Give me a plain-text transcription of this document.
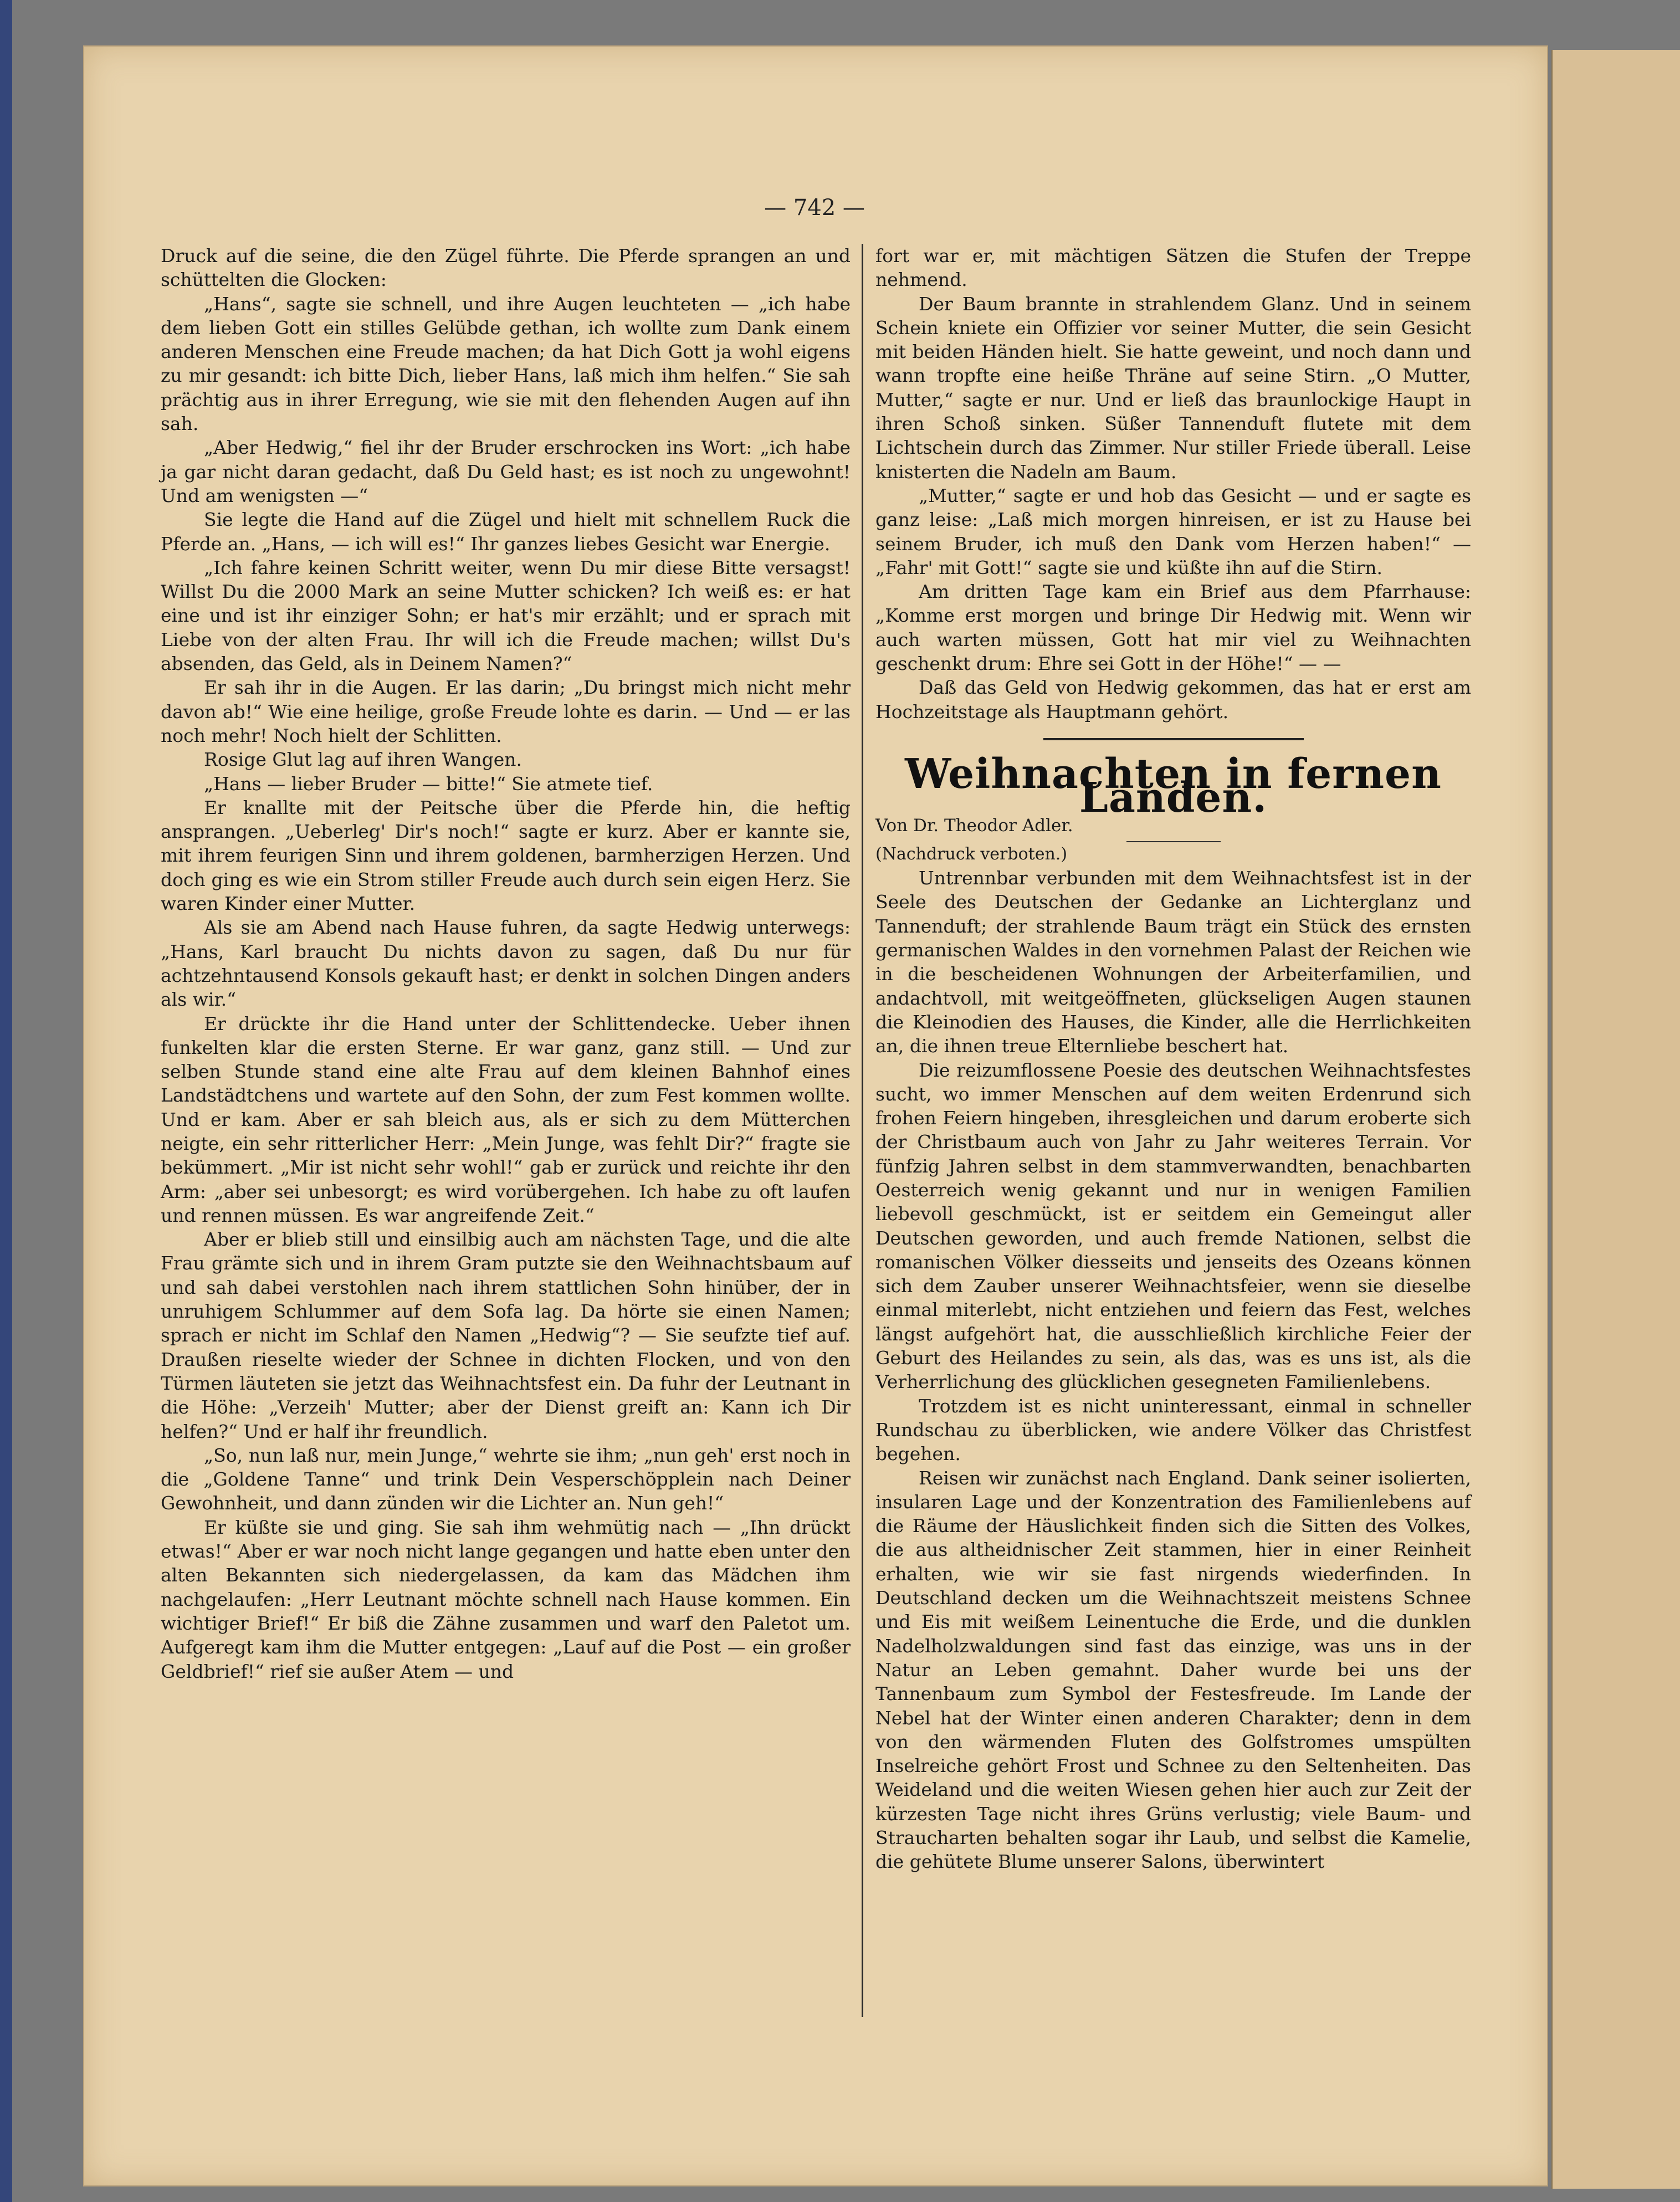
— 742 —

Druck auf die seine, die den Zügel führte. Die Pferde sprangen an und schüttelten die Glocken:

„Hans“, sagte sie schnell, und ihre Augen leuchteten — „ich habe dem lieben Gott ein stilles Gelübde gethan, ich wollte zum Dank einem anderen Menschen eine Freude machen; da hat Dich Gott ja wohl eigens zu mir gesandt: ich bitte Dich, lieber Hans, laß mich ihm helfen.“ Sie sah prächtig aus in ihrer Erregung, wie sie mit den flehenden Augen auf ihn sah.

„Aber Hedwig,“ fiel ihr der Bruder erschrocken ins Wort: „ich habe ja gar nicht daran gedacht, daß Du Geld hast; es ist noch zu ungewohnt! Und am wenigsten —“

Sie legte die Hand auf die Zügel und hielt mit schnellem Ruck die Pferde an. „Hans, — ich will es!“ Ihr ganzes liebes Gesicht war Energie.

„Ich fahre keinen Schritt weiter, wenn Du mir diese Bitte versagst! Willst Du die 2000 Mark an seine Mutter schicken? Ich weiß es: er hat eine und ist ihr einziger Sohn; er hat's mir erzählt; und er sprach mit Liebe von der alten Frau. Ihr will ich die Freude machen; willst Du's absenden, das Geld, als in Deinem Namen?“

Er sah ihr in die Augen. Er las darin; „Du bringst mich nicht mehr davon ab!“ Wie eine heilige, große Freude lohte es darin. — Und — er las noch mehr! Noch hielt der Schlitten.

Rosige Glut lag auf ihren Wangen.

„Hans — lieber Bruder — bitte!“ Sie atmete tief.

Er knallte mit der Peitsche über die Pferde hin, die heftig ansprangen. „Ueberleg' Dir's noch!“ sagte er kurz. Aber er kannte sie, mit ihrem feurigen Sinn und ihrem goldenen, barmherzigen Herzen. Und doch ging es wie ein Strom stiller Freude auch durch sein eigen Herz. Sie waren Kinder einer Mutter.

Als sie am Abend nach Hause fuhren, da sagte Hedwig unterwegs: „Hans, Karl braucht Du nichts davon zu sagen, daß Du nur für achtzehntausend Konsols gekauft hast; er denkt in solchen Dingen anders als wir.“

Er drückte ihr die Hand unter der Schlittendecke. Ueber ihnen funkelten klar die ersten Sterne. Er war ganz, ganz still. — Und zur selben Stunde stand eine alte Frau auf dem kleinen Bahnhof eines Landstädtchens und wartete auf den Sohn, der zum Fest kommen wollte. Und er kam. Aber er sah bleich aus, als er sich zu dem Mütterchen neigte, ein sehr ritterlicher Herr: „Mein Junge, was fehlt Dir?“ fragte sie bekümmert. „Mir ist nicht sehr wohl!“ gab er zurück und reichte ihr den Arm: „aber sei unbesorgt; es wird vorübergehen. Ich habe zu oft laufen und rennen müssen. Es war angreifende Zeit.“

Aber er blieb still und einsilbig auch am nächsten Tage, und die alte Frau grämte sich und in ihrem Gram putzte sie den Weihnachtsbaum auf und sah dabei verstohlen nach ihrem stattlichen Sohn hinüber, der in unruhigem Schlummer auf dem Sofa lag. Da hörte sie einen Namen; sprach er nicht im Schlaf den Namen „Hedwig“? — Sie seufzte tief auf. Draußen rieselte wieder der Schnee in dichten Flocken, und von den Türmen läuteten sie jetzt das Weihnachtsfest ein. Da fuhr der Leutnant in die Höhe: „Verzeih' Mutter; aber der Dienst greift an: Kann ich Dir helfen?“ Und er half ihr freundlich.

„So, nun laß nur, mein Junge,“ wehrte sie ihm; „nun geh' erst noch in die „Goldene Tanne“ und trink Dein Vesperschöpplein nach Deiner Gewohnheit, und dann zünden wir die Lichter an. Nun geh!“

Er küßte sie und ging. Sie sah ihm wehmütig nach — „Ihn drückt etwas!“ Aber er war noch nicht lange gegangen und hatte eben unter den alten Bekannten sich niedergelassen, da kam das Mädchen ihm nachgelaufen: „Herr Leutnant möchte schnell nach Hause kommen. Ein wichtiger Brief!“ Er biß die Zähne zusammen und warf den Paletot um. Aufgeregt kam ihm die Mutter entgegen: „Lauf auf die Post — ein großer Geldbrief!“ rief sie außer Atem — und

fort war er, mit mächtigen Sätzen die Stufen der Treppe nehmend.

Der Baum brannte in strahlendem Glanz. Und in seinem Schein kniete ein Offizier vor seiner Mutter, die sein Gesicht mit beiden Händen hielt. Sie hatte geweint, und noch dann und wann tropfte eine heiße Thräne auf seine Stirn. „O Mutter, Mutter,“ sagte er nur. Und er ließ das braunlockige Haupt in ihren Schoß sinken. Süßer Tannenduft flutete mit dem Lichtschein durch das Zimmer. Nur stiller Friede überall. Leise knisterten die Nadeln am Baum.

„Mutter,“ sagte er und hob das Gesicht — und er sagte es ganz leise: „Laß mich morgen hinreisen, er ist zu Hause bei seinem Bruder, ich muß den Dank vom Herzen haben!“ — „Fahr' mit Gott!“ sagte sie und küßte ihn auf die Stirn.

Am dritten Tage kam ein Brief aus dem Pfarrhause: „Komme erst morgen und bringe Dir Hedwig mit. Wenn wir auch warten müssen, Gott hat mir viel zu Weihnachten geschenkt drum: Ehre sei Gott in der Höhe!“ — —

Daß das Geld von Hedwig gekommen, das hat er erst am Hochzeitstage als Hauptmann gehört.

Weihnachten in fernen Landen.

Von Dr. Theodor Adler.

(Nachdruck verboten.)

Untrennbar verbunden mit dem Weihnachtsfest ist in der Seele des Deutschen der Gedanke an Lichterglanz und Tannenduft; der strahlende Baum trägt ein Stück des ernsten germanischen Waldes in den vornehmen Palast der Reichen wie in die bescheidenen Wohnungen der Arbeiterfamilien, und andachtvoll, mit weitgeöffneten, glückseligen Augen staunen die Kleinodien des Hauses, die Kinder, alle die Herrlichkeiten an, die ihnen treue Elternliebe beschert hat.

Die reizumflossene Poesie des deutschen Weihnachtsfestes sucht, wo immer Menschen auf dem weiten Erdenrund sich frohen Feiern hingeben, ihresgleichen und darum eroberte sich der Christbaum auch von Jahr zu Jahr weiteres Terrain. Vor fünfzig Jahren selbst in dem stammverwandten, benachbarten Oesterreich wenig gekannt und nur in wenigen Familien liebevoll geschmückt, ist er seitdem ein Gemeingut aller Deutschen geworden, und auch fremde Nationen, selbst die romanischen Völker diesseits und jenseits des Ozeans können sich dem Zauber unserer Weihnachtsfeier, wenn sie dieselbe einmal miterlebt, nicht entziehen und feiern das Fest, welches längst aufgehört hat, die ausschließlich kirchliche Feier der Geburt des Heilandes zu sein, als das, was es uns ist, als die Verherrlichung des glücklichen gesegneten Familienlebens.

Trotzdem ist es nicht uninteressant, einmal in schneller Rundschau zu überblicken, wie andere Völker das Christfest begehen.

Reisen wir zunächst nach England. Dank seiner isolierten, insularen Lage und der Konzentration des Familienlebens auf die Räume der Häuslichkeit finden sich die Sitten des Volkes, die aus altheidnischer Zeit stammen, hier in einer Reinheit erhalten, wie wir sie fast nirgends wiederfinden. In Deutschland decken um die Weihnachtszeit meistens Schnee und Eis mit weißem Leinentuche die Erde, und die dunklen Nadelholzwaldungen sind fast das einzige, was uns in der Natur an Leben gemahnt. Daher wurde bei uns der Tannenbaum zum Symbol der Festesfreude. Im Lande der Nebel hat der Winter einen anderen Charakter; denn in dem von den wärmenden Fluten des Golfstromes umspülten Inselreiche gehört Frost und Schnee zu den Seltenheiten. Das Weideland und die weiten Wiesen gehen hier auch zur Zeit der kürzesten Tage nicht ihres Grüns verlustig; viele Baum- und Straucharten behalten sogar ihr Laub, und selbst die Kamelie, die gehütete Blume unserer Salons, überwintert
